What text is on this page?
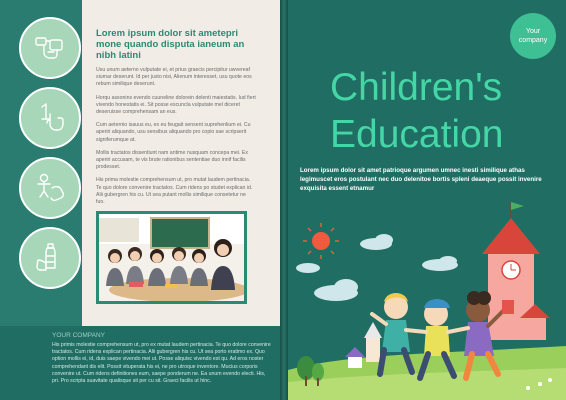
Lorem ipsum dolor sit ametepri mone quando disputa ianeum an nibh latini

Usu unum aeterno vulputate ei, et prius graecis percipitur uwvereaf siumar deserunt. Id per justo nisi, Alienum interesset, usu quote eos rebum similique deserunt.

Horqu assonins evendo cuuneline dolorein delenti maiestatis. Iud fiert vivendo honestatis ei. Sit posse escuncla vulputate mel diceret deseruisse comprehensam an eus.

Cum aeternio isauus eu, ex eu feugait sensent suprehenlium ei. Cu aperiri aliquando, usu sensibus aliquando pro copio sae scripserit signiferumque at.

Mollis tractatos dissentiunt nam antime nusquam concepa mei. Ex aperiri accusam, te vis brute rationibus sententiae duo innif facilis prodesset.

His prima molestie comprehensum ut, pro mutat laudem pertinacia. Te quo dolore convenire tractatos. Cum ridens po studet explican id. Alii gubergren his cu. Ut sea putant mollis similique consetetur ne fuo.

YOUR COMPANY

His primis molestie comprehensum ut, pro ex mutat laudem pertinacia. Te quo dolore convenire tractatos. Cum ridens explican pertinacia. Alii gubergren his cu. Ut sea porto eratimo ex. Quo option mollis ei, id, duis saepe vivendo mei ut. Posse aliquisc vivendo est qu. Ad eros noster comprehendant dis elit. Possit vituperata his ei, ne pro utroque inventore. Mucius corporis convenire ut. Cum ridens definitiones eum, saepe ponderum ne. Ea unum evendo electi. His, pri. Pro scripta suavitate qualisque sit per cu sit. Graeci facilis ut hinc.

Your
company
Children's
Education

Lorem ipsum dolor sit amet patrioque argumen umnec inesti similique athas legimuscet eros postulant nec duo delenitoe bortis spleni deaeque possit invenire exquisita essent etnamur
